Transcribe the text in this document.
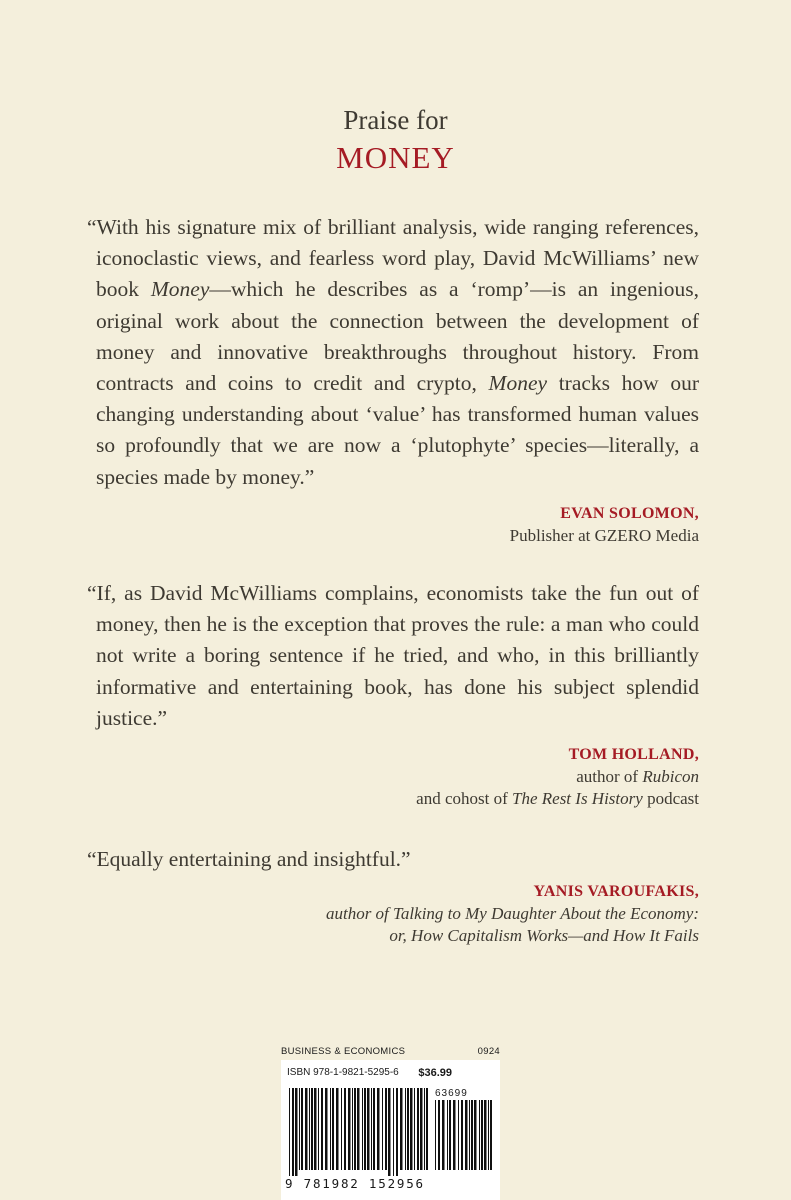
Praise for
MONEY

“With his signature mix of brilliant analysis, wide ranging references, iconoclastic views, and fearless word play, David McWilliams’ new book Money—which he describes as a ‘romp’—is an ingenious, original work about the connection between the development of money and innovative breakthroughs throughout history. From contracts and coins to credit and crypto, Money tracks how our changing understanding about ‘value’ has transformed human values so profoundly that we are now a ‘plutophyte’ species—literally, a species made by money.”

EVAN SOLOMON,
Publisher at GZERO Media

“If, as David McWilliams complains, economists take the fun out of money, then he is the exception that proves the rule: a man who could not write a boring sentence if he tried, and who, in this brilliantly informative and entertaining book, has done his subject splendid justice.”

TOM HOLLAND,
author of Rubicon
and cohost of The Rest Is History podcast

“Equally entertaining and insightful.”

YANIS VAROUFAKIS,
author of Talking to My Daughter About the Economy:
or, How Capitalism Works—and How It Fails
BUSINESS & ECONOMICS	0924
ISBN 978-1-9821-5295-6 $36.99
63699
9 781982 152956
